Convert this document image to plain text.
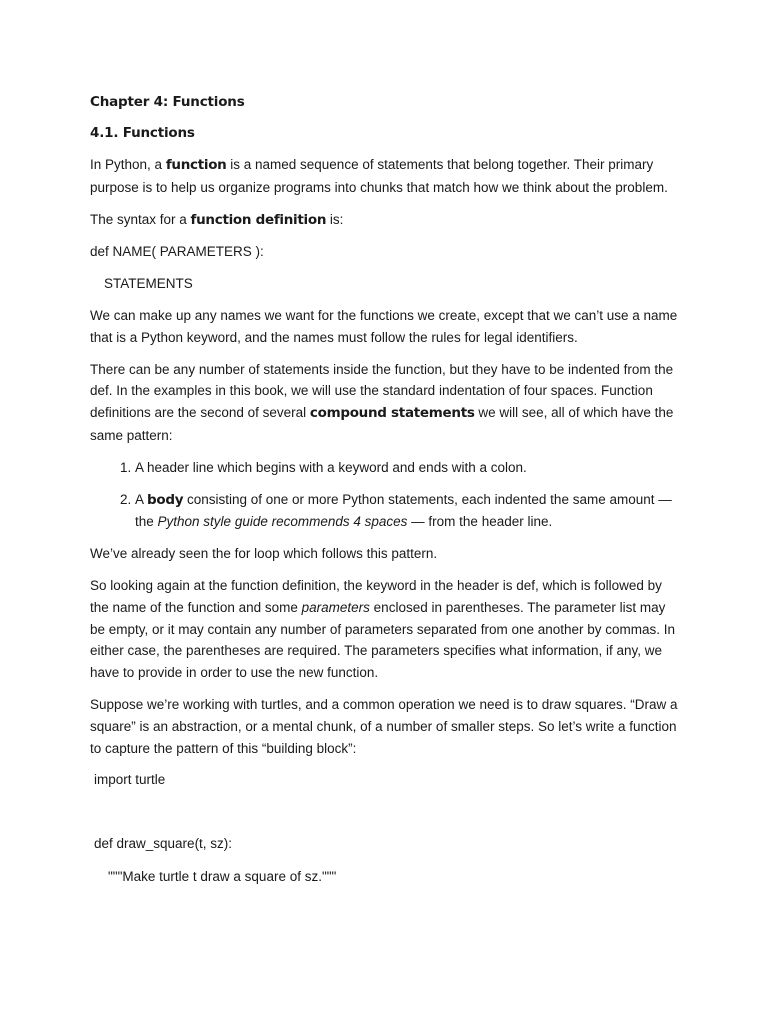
Chapter 4: Functions
4.1. Functions

In Python, a function is a named sequence of statements that belong together. Their primary purpose is to help us organize programs into chunks that match how we think about the problem.

The syntax for a function definition is:

def NAME( PARAMETERS ):

STATEMENTS

We can make up any names we want for the functions we create, except that we can’t use a name that is a Python keyword, and the names must follow the rules for legal identifiers.

There can be any number of statements inside the function, but they have to be indented from the def. In the examples in this book, we will use the standard indentation of four spaces. Function definitions are the second of several compound statements we will see, all of which have the same pattern:

1. A header line which begins with a keyword and ends with a colon.
2. A body consisting of one or more Python statements, each indented the same amount — the Python style guide recommends 4 spaces — from the header line.

We’ve already seen the for loop which follows this pattern.

So looking again at the function definition, the keyword in the header is def, which is followed by the name of the function and some parameters enclosed in parentheses. The parameter list may be empty, or it may contain any number of parameters separated from one another by commas. In either case, the parentheses are required. The parameters specifies what information, if any, we have to provide in order to use the new function.

Suppose we’re working with turtles, and a common operation we need is to draw squares. “Draw a square” is an abstraction, or a mental chunk, of a number of smaller steps. So let’s write a function to capture the pattern of this “building block”:

import turtle

def draw_square(t, sz):

"""Make turtle t draw a square of sz."""
